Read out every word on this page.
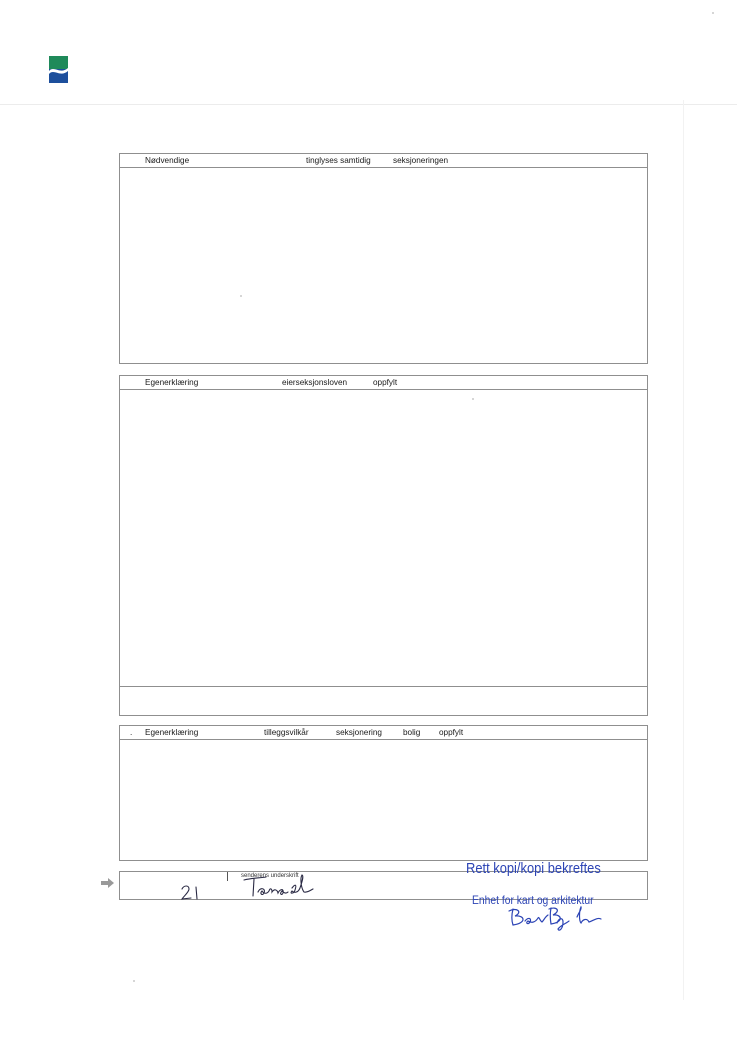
Nødvendige	tinglyses samtidig	seksjoneringen
Egenerklæring	eierseksjonsloven	oppfylt
. Egenerklæring	tilleggsvilkår	seksjonering	bolig oppfylt
senderens underskrift	Rett kopi/kopi bekreftes
Enhet for kart og arkitektur
